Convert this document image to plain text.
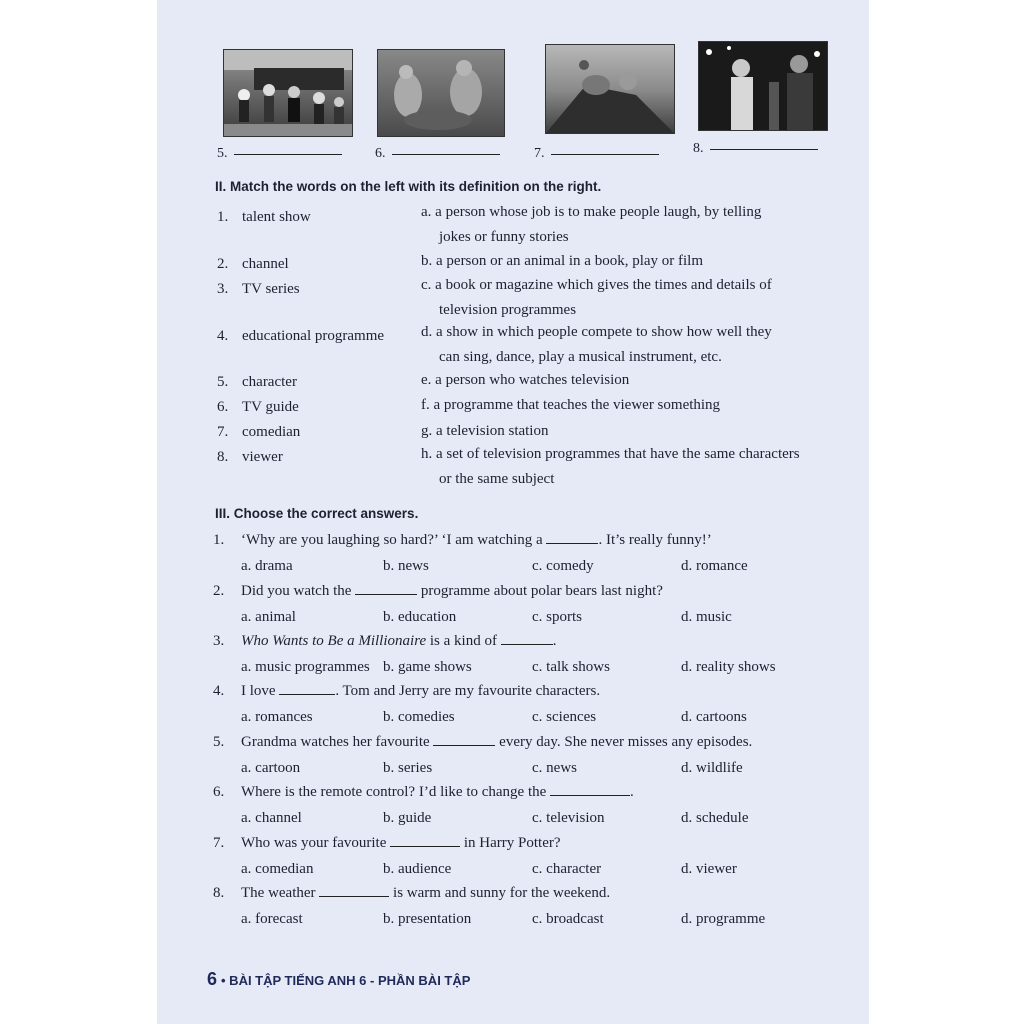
5.	6.	7.	8.
II. Match the words on the left with its definition on the right.
1. talent show
2. channel
3. TV series
4. educational programme
5. character
6. TV guide
7. comedian
8. viewer
a. a person whose job is to make people laugh, by telling
jokes or funny stories
b. a person or an animal in a book, play or film
c. a book or magazine which gives the times and details of
television programmes
d. a show in which people compete to show how well they
can sing, dance, play a musical instrument, etc.
e. a person who watches television
f. a programme that teaches the viewer something
g. a television station
h. a set of television programmes that have the same characters
or the same subject
III. Choose the correct answers.
1. ‘Why are you laughing so hard?’ ‘I am watching a	. It’s really funny!’
a. drama	b. news	c. comedy	d. romance
2. Did you watch the	programme about polar bears last night?
a. animal	b. education	c. sports	d. music
3. Who Wants to Be a Millionaire is a kind of	.
a. music programmes b. game shows	c. talk shows	d. reality shows
4. I love	. Tom and Jerry are my favourite characters.
a. romances	b. comedies	c. sciences	d. cartoons
5. Grandma watches her favourite	every day. She never misses any episodes.
a. cartoon	b. series	c. news	d. wildlife
6. Where is the remote control? I’d like to change the	.
a. channel	b. guide	c. television	d. schedule
7. Who was your favourite	in Harry Potter?
a. comedian	b. audience	c. character	d. viewer
8. The weather	is warm and sunny for the weekend.
a. forecast	b. presentation	c. broadcast	d. programme
6 • BÀI TẬP TIẾNG ANH 6 - PHẦN BÀI TẬP
